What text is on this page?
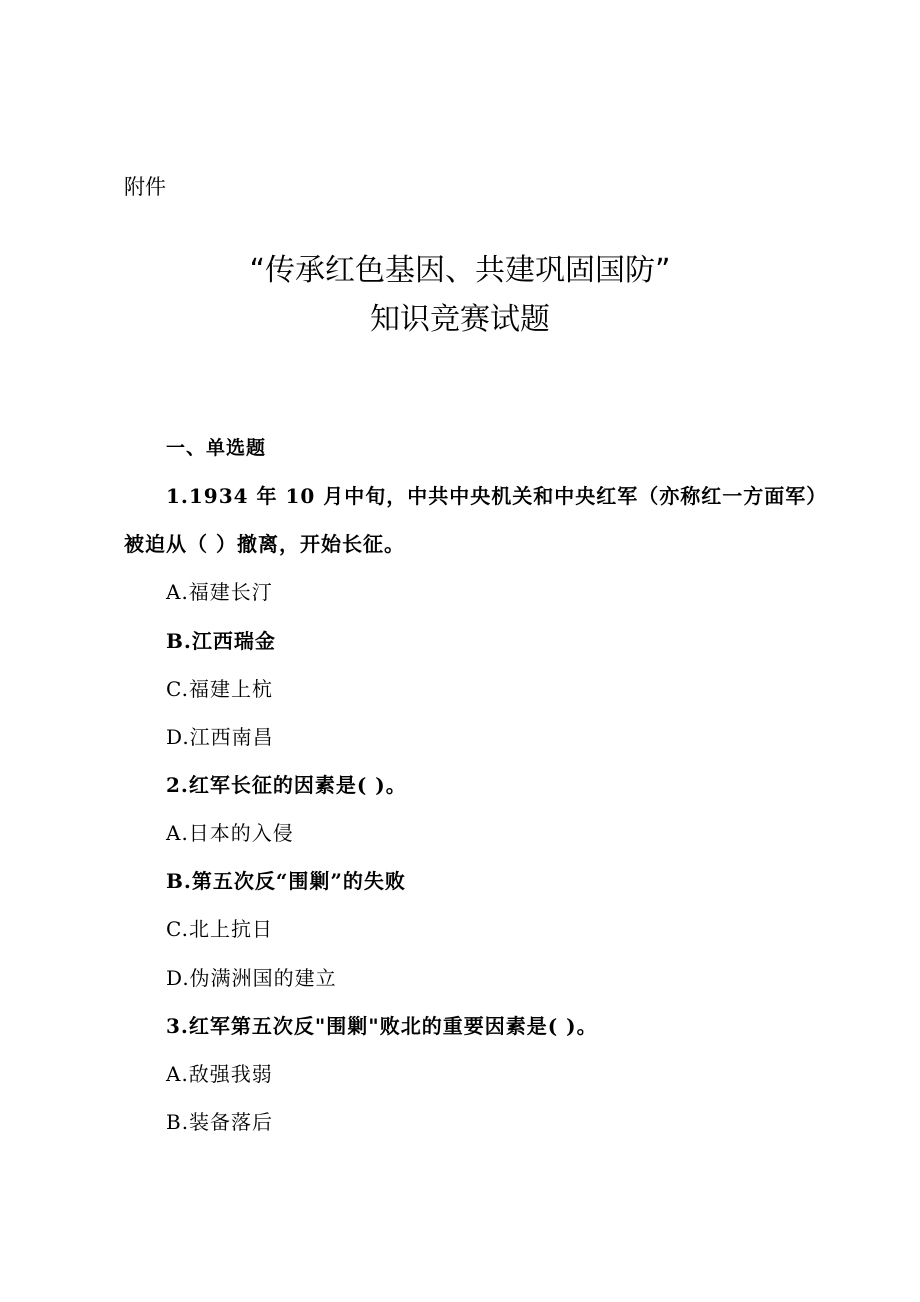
附件
“传承红色基因、共建巩固国防”
知识竞赛试题
一、单选题
1.1934 年 10 月中旬，中共中央机关和中央红军（亦称红一方面军）
被迫从（ ）撤离，开始长征。
A.福建长汀
B.江西瑞金
C.福建上杭
D.江西南昌
2.红军长征的因素是( )。
A.日本的入侵
B.第五次反“围剿”的失败
C.北上抗日
D.伪满洲国的建立
3.红军第五次反"围剿"败北的重要因素是( )。
A.敌强我弱
B.装备落后
